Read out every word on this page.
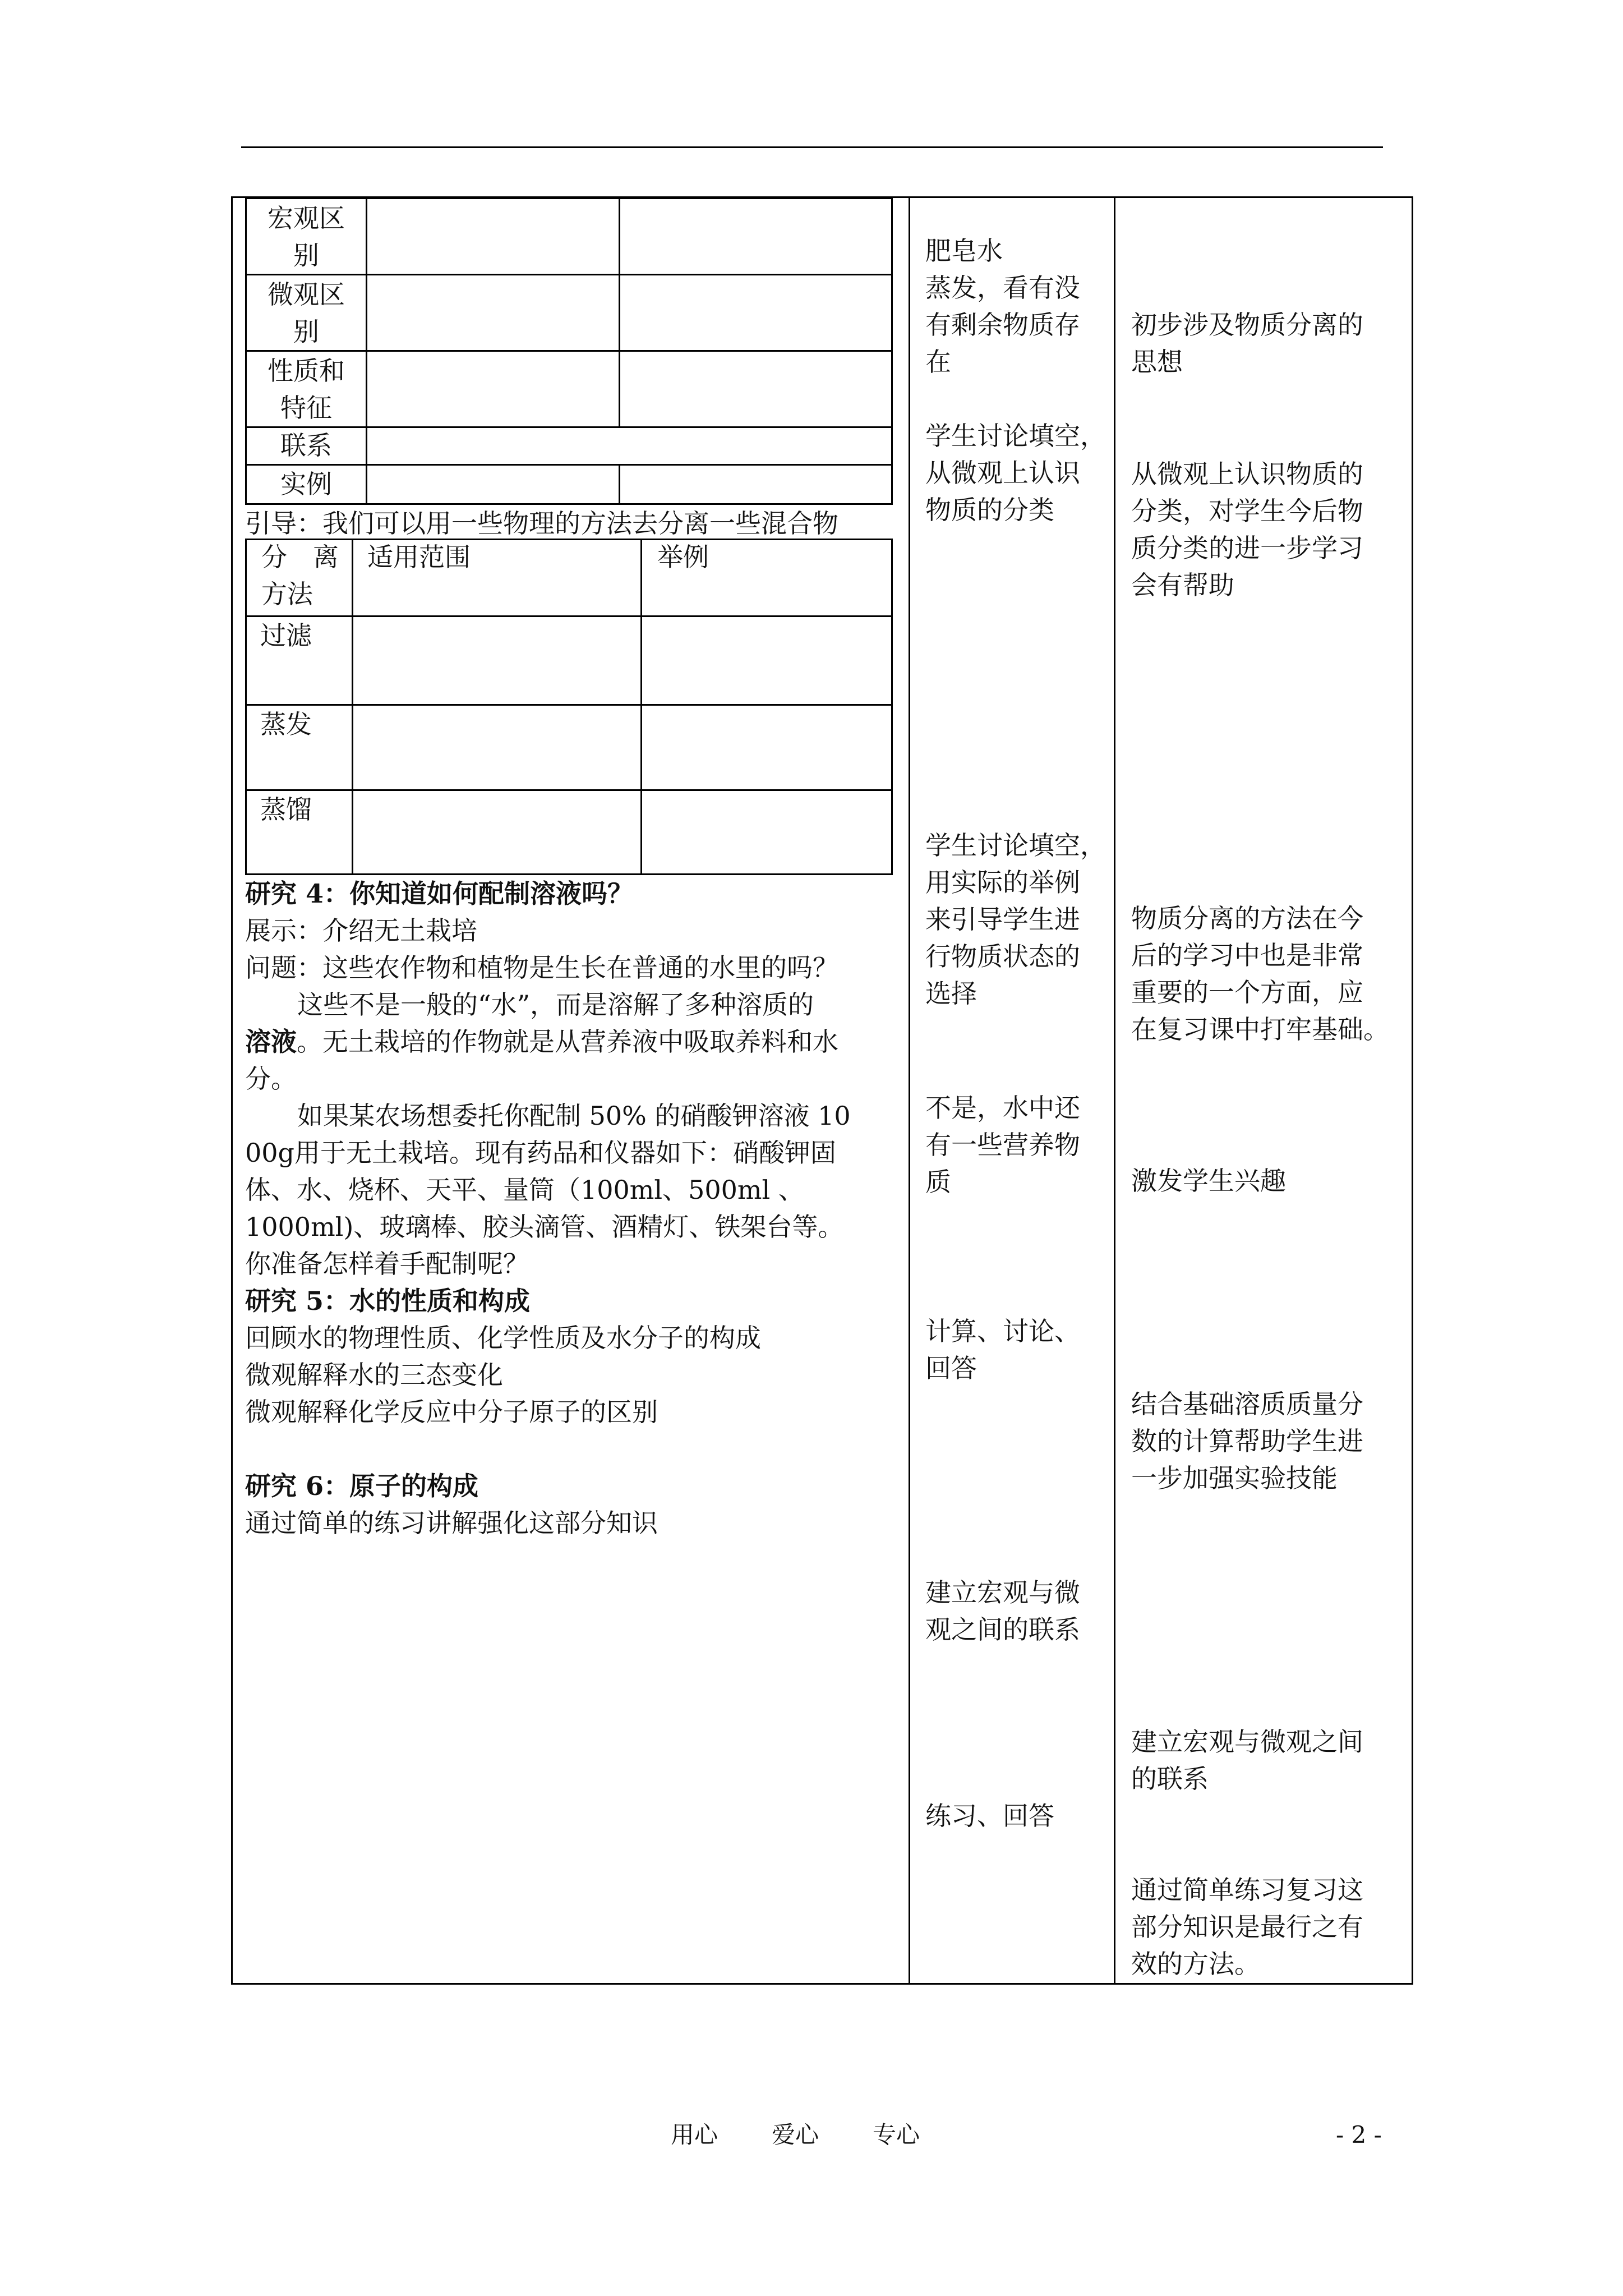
宏观区
别
微观区
别
性质和
特征
联系
实例
引导：我们可以用一些物理的方法去分离一些混合物
分　离
方法
适用范围	举例
过滤
蒸发
蒸馏
研究 4：你知道如何配制溶液吗？
展示：介绍无土栽培
问题：这些农作物和植物是生长在普通的水里的吗？
这些不是一般的“水”，而是溶解了多种溶质的
溶液。无土栽培的作物就是从营养液中吸取养料和水
分。
如果某农场想委托你配制 50% 的硝酸钾溶液 10
00g用于无土栽培。现有药品和仪器如下：硝酸钾固
体、水、烧杯、天平、量筒（100ml、500ml 、
1000ml)、玻璃棒、胶头滴管、酒精灯、铁架台等。
你准备怎样着手配制呢？
研究 5：水的性质和构成
回顾水的物理性质、化学性质及水分子的构成
微观解释水的三态变化
微观解释化学反应中分子原子的区别
研究 6：原子的构成
通过简单的练习讲解强化这部分知识
肥皂水
蒸发，看有没
有剩余物质存
在
学生讨论填空，
从微观上认识
物质的分类
学生讨论填空，
用实际的举例
来引导学生进
行物质状态的
选择
不是，水中还
有一些营养物
质
计算、讨论、
回答
建立宏观与微
观之间的联系
练习、回答
初步涉及物质分离的
思想
从微观上认识物质的
分类，对学生今后物
质分类的进一步学习
会有帮助
物质分离的方法在今
后的学习中也是非常
重要的一个方面，应
在复习课中打牢基础。
激发学生兴趣
结合基础溶质质量分
数的计算帮助学生进
一步加强实验技能
建立宏观与微观之间
的联系
通过简单练习复习这
部分知识是最行之有
效的方法。
用心 爱心 专心	- 2 -
